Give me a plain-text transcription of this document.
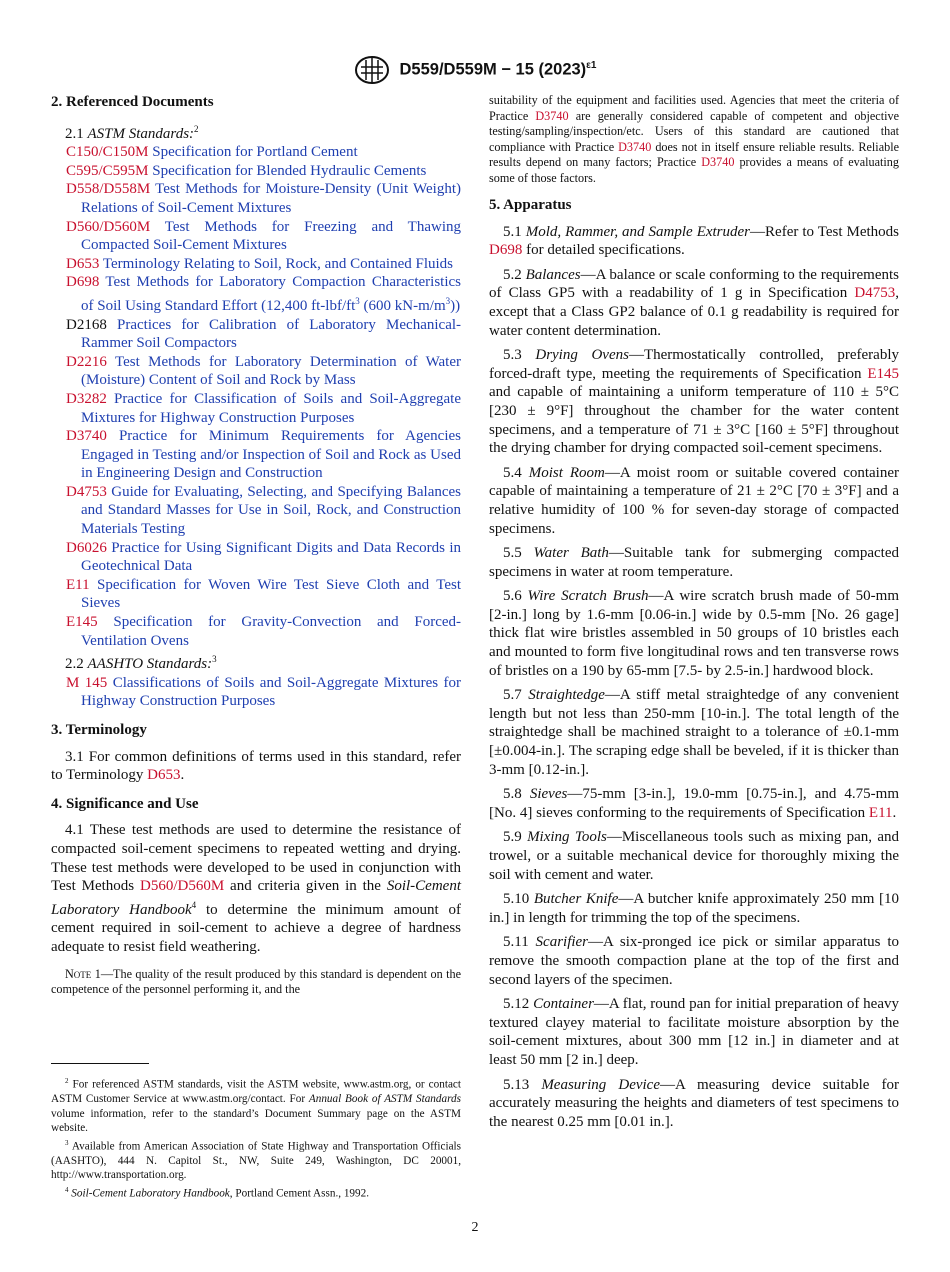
D559/D559M − 15 $(2023)^{\varepsilon 1}$
2. Referenced Documents
2.1 ASTM Standards:$^2$
C150/C150M Specification for Portland Cement
C595/C595M Specification for Blended Hydraulic Cements
D558/D558M Test Methods for Moisture-Density (Unit Weight) Relations of Soil-Cement Mixtures
D560/D560M Test Methods for Freezing and Thawing Compacted Soil-Cement Mixtures
D653 Terminology Relating to Soil, Rock, and Contained Fluids
D698 Test Methods for Laboratory Compaction Characteristics of Soil Using Standard Effort (12,400 $ft-lbf/ft^3$ (600 $kN-m/m^3$))
D2168 Practices for Calibration of Laboratory Mechanical-Rammer Soil Compactors
D2216 Test Methods for Laboratory Determination of Water (Moisture) Content of Soil and Rock by Mass
D3282 Practice for Classification of Soils and Soil-Aggregate Mixtures for Highway Construction Purposes
D3740 Practice for Minimum Requirements for Agencies Engaged in Testing and/or Inspection of Soil and Rock as Used in Engineering Design and Construction
D4753 Guide for Evaluating, Selecting, and Specifying Balances and Standard Masses for Use in Soil, Rock, and Construction Materials Testing
D6026 Practice for Using Significant Digits and Data Records in Geotechnical Data
E11 Specification for Woven Wire Test Sieve Cloth and Test Sieves
E145 Specification for Gravity-Convection and Forced-Ventilation Ovens
2.2 AASHTO Standards:$^3$
M 145 Classifications of Soils and Soil-Aggregate Mixtures for Highway Construction Purposes
3. Terminology

3.1 For common definitions of terms used in this standard, refer to Terminology D653.

4. Significance and Use

4.1 These test methods are used to determine the resistance of compacted soil-cement specimens to repeated wetting and drying. These test methods were developed to be used in conjunction with Test Methods D560/D560M and criteria given in the Soil-Cement Laboratory Handbook$^4$ to determine the minimum amount of cement required in soil-cement to achieve a degree of hardness adequate to resist field weathering.

Note 1—The quality of the result produced by this standard is dependent on the competence of the personnel performing it, and the

$^2$ For referenced ASTM standards, visit the ASTM website, www.astm.org, or contact ASTM Customer Service at www.astm.org/contact. For Annual Book of ASTM Standards volume information, refer to the standard’s Document Summary page on the ASTM website.

$^3$ Available from American Association of State Highway and Transportation Officials (AASHTO), 444 N. Capitol St., NW, Suite 249, Washington, DC 20001, http://www.transportation.org.

$^4$ Soil-Cement Laboratory Handbook, Portland Cement Assn., 1992.

suitability of the equipment and facilities used. Agencies that meet the criteria of Practice D3740 are generally considered capable of competent and objective testing/sampling/inspection/etc. Users of this standard are cautioned that compliance with Practice D3740 does not in itself ensure reliable results. Reliable results depend on many factors; Practice D3740 provides a means of evaluating some of those factors.

5. Apparatus

5.1 Mold, Rammer, and Sample Extruder—Refer to Test Methods D698 for detailed specifications.

5.2 Balances—A balance or scale conforming to the requirements of Class GP5 with a readability of 1 g in Specification D4753, except that a Class GP2 balance of 0.1 g readability is required for water content determination.

5.3 Drying Ovens—Thermostatically controlled, preferably forced-draft type, meeting the requirements of Specification E145 and capable of maintaining a uniform temperature of 110 ± 5°C [230 ± 9°F] throughout the chamber for the water content specimens, and a temperature of 71 ± 3°C [160 ± 5°F] throughout the drying chamber for drying compacted soil-cement specimens.

5.4 Moist Room—A moist room or suitable covered container capable of maintaining a temperature of 21 ± 2°C [70 ± 3°F] and a relative humidity of 100 % for seven-day storage of compacted specimens.

5.5 Water Bath—Suitable tank for submerging compacted specimens in water at room temperature.

5.6 Wire Scratch Brush—A wire scratch brush made of 50-mm [2-in.] long by 1.6-mm [0.06-in.] wide by 0.5-mm [No. 26 gage] thick flat wire bristles assembled in 50 groups of 10 bristles each and mounted to form five longitudinal rows and ten transverse rows of bristles on a 190 by 65-mm [7.5- by 2.5-in.] hardwood block.

5.7 Straightedge—A stiff metal straightedge of any convenient length but not less than 250-mm [10-in.]. The total length of the straightedge shall be machined straight to a tolerance of ±0.1-mm [±0.004-in.]. The scraping edge shall be beveled, if it is thicker than 3-mm [0.12-in.].

5.8 Sieves—75-mm [3-in.], 19.0-mm [0.75-in.], and 4.75-mm [No. 4] sieves conforming to the requirements of Specification E11.

5.9 Mixing Tools—Miscellaneous tools such as mixing pan, and trowel, or a suitable mechanical device for thoroughly mixing the soil with cement and water.

5.10 Butcher Knife—A butcher knife approximately 250 mm [10 in.] in length for trimming the top of the specimens.

5.11 Scarifier—A six-pronged ice pick or similar apparatus to remove the smooth compaction plane at the top of the first and second layers of the specimen.

5.12 Container—A flat, round pan for initial preparation of heavy textured clayey material to facilitate moisture absorption by the soil-cement mixtures, about 300 mm [12 in.] in diameter and at least 50 mm [2 in.] deep.

5.13 Measuring Device—A measuring device suitable for accurately measuring the heights and diameters of test specimens to the nearest 0.25 mm [0.01 in.].

2
